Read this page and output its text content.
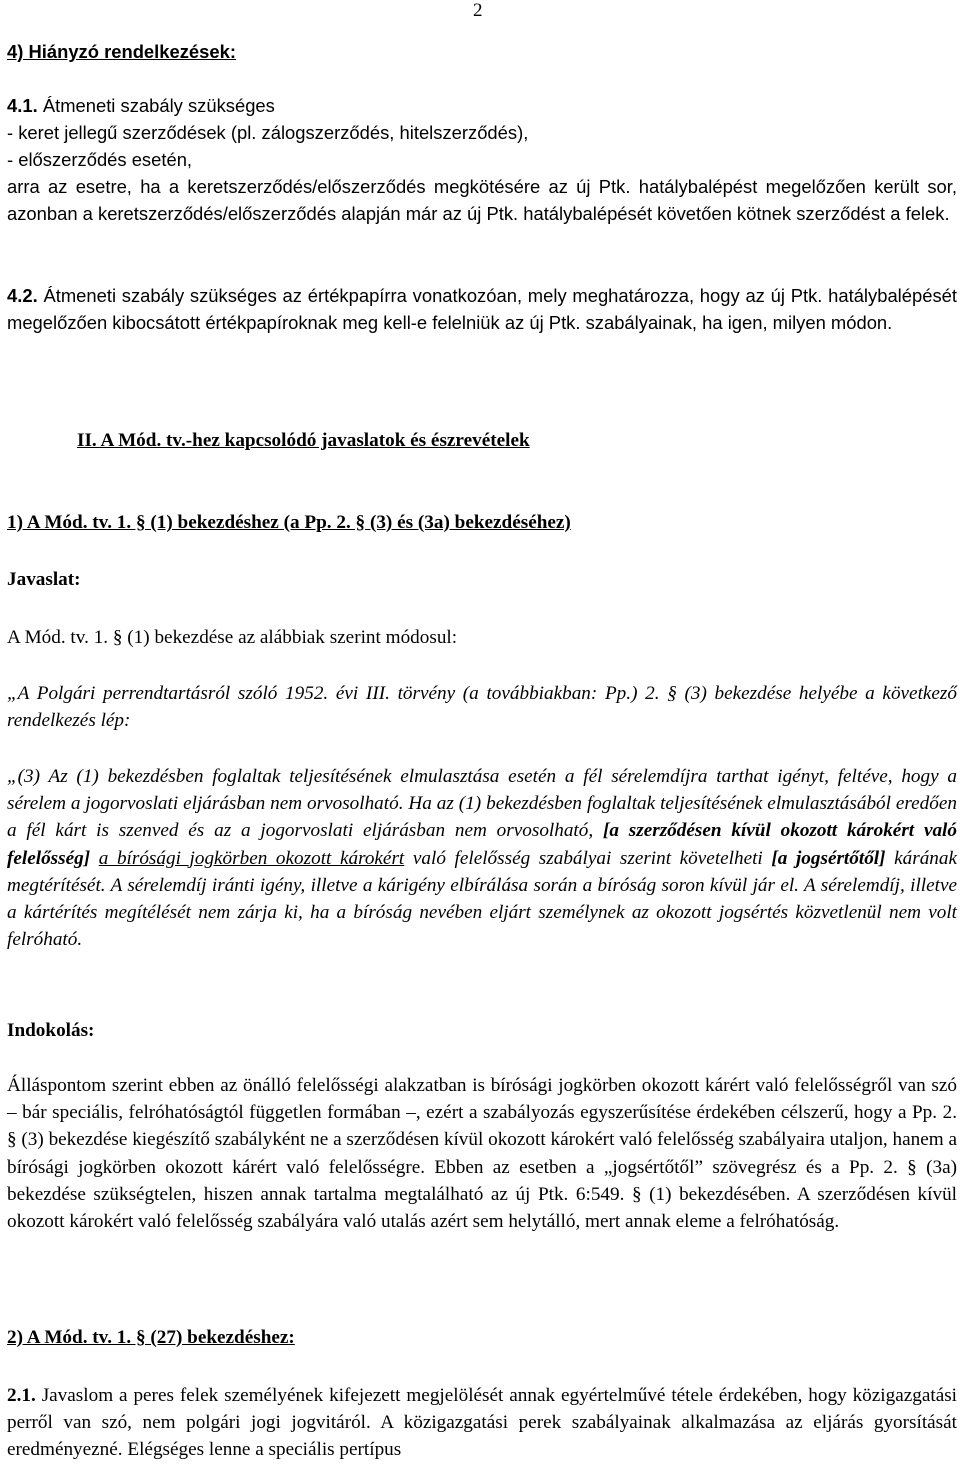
2
4) Hiányzó rendelkezések:
4.1. Átmeneti szabály szükséges
- keret jellegű szerződések (pl. zálogszerződés, hitelszerződés),
- előszerződés esetén,
arra az esetre, ha a keretszerződés/előszerződés megkötésére az új Ptk. hatálybalépést megelőzően került sor, azonban a keretszerződés/előszerződés alapján már az új Ptk. hatálybalépését követően kötnek szerződést a felek.
4.2. Átmeneti szabály szükséges az értékpapírra vonatkozóan, mely meghatározza, hogy az új Ptk. hatálybalépését megelőzően kibocsátott értékpapíroknak meg kell-e felelniük az új Ptk. szabályainak, ha igen, milyen módon.
II. A Mód. tv.-hez kapcsolódó javaslatok és észrevételek
1) A Mód. tv. 1. § (1) bekezdéshez (a Pp. 2. § (3) és (3a) bekezdéséhez)
Javaslat:
A Mód. tv. 1. § (1) bekezdése az alábbiak szerint módosul:
„A Polgári perrendtartásról szóló 1952. évi III. törvény (a továbbiakban: Pp.) 2. § (3) bekezdése helyébe a következő rendelkezés lép:
„(3) Az (1) bekezdésben foglaltak teljesítésének elmulasztása esetén a fél sérelemdíjra tarthat igényt, feltéve, hogy a sérelem a jogorvoslati eljárásban nem orvosolható. Ha az (1) bekezdésben foglaltak teljesítésének elmulasztásából eredően a fél kárt is szenved és az a jogorvoslati eljárásban nem orvosolható, [a szerződésen kívül okozott károkért való felelősség] a bírósági jogkörben okozott károkért való felelősség szabályai szerint követelheti [a jogsértőtől] kárának megtérítését. A sérelemdíj iránti igény, illetve a kárigény elbírálása során a bíróság soron kívül jár el. A sérelemdíj, illetve a kártérítés megítélését nem zárja ki, ha a bíróság nevében eljárt személynek az okozott jogsértés közvetlenül nem volt felróható.
Indokolás:
Álláspontom szerint ebben az önálló felelősségi alakzatban is bírósági jogkörben okozott kárért való felelősségről van szó – bár speciális, felróhatóságtól független formában –, ezért a szabályozás egyszerűsítése érdekében célszerű, hogy a Pp. 2. § (3) bekezdése kiegészítő szabályként ne a szerződésen kívül okozott károkért való felelősség szabályaira utaljon, hanem a bírósági jogkörben okozott kárért való felelősségre. Ebben az esetben a „jogsértőtől” szövegrész és a Pp. 2. § (3a) bekezdése szükségtelen, hiszen annak tartalma megtalálható az új Ptk. 6:549. § (1) bekezdésében. A szerződésen kívül okozott károkért való felelősség szabályára való utalás azért sem helytálló, mert annak eleme a felróhatóság.
2) A Mód. tv. 1. § (27) bekezdéshez:
2.1. Javaslom a peres felek személyének kifejezett megjelölését annak egyértelművé tétele érdekében, hogy közigazgatási perről van szó, nem polgári jogi jogvitáról. A közigazgatási perek szabályainak alkalmazása az eljárás gyorsítását eredményezné. Elégséges lenne a speciális pertípus
